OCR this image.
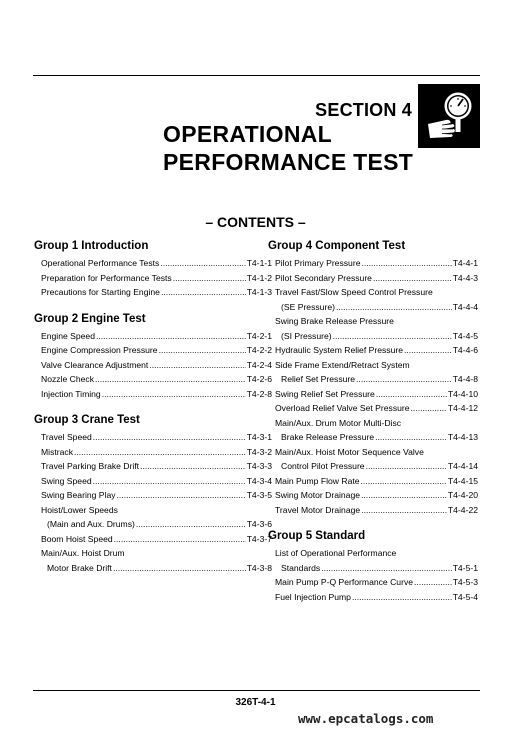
SECTION 4
OPERATIONAL
PERFORMANCE TEST
– CONTENTS –
Group 1 Introduction
Operational Performance Tests .....	T4-1-1
Preparation for Performance Tests .....	T4-1-2
Precautions for Starting Engine .....	T4-1-3
Group 2 Engine Test
Engine Speed .....	T4-2-1
Engine Compression Pressure .....	T4-2-2
Valve Clearance Adjustment .....	T4-2-4
Nozzle Check .....	T4-2-6
Injection Timing .....	T4-2-8
Group 3 Crane Test
Travel Speed .....	T4-3-1
Mistrack .....	T4-3-2
Travel Parking Brake Drift .....	T4-3-3
Swing Speed .....	T4-3-4
Swing Bearing Play .....	T4-3-5
Hoist/Lower Speeds
(Main and Aux. Drums) .....	T4-3-6
Boom Hoist Speed .....	T4-3-7
Main/Aux. Hoist Drum
Motor Brake Drift .....	T4-3-8
Group 4 Component Test
Pilot Primary Pressure .....	T4-4-1
Pilot Secondary Pressure .....	T4-4-3
Travel Fast/Slow Speed Control Pressure
(SE Pressure) .....	T4-4-4
Swing Brake Release Pressure
(SI Pressure) .....	T4-4-5
Hydraulic System Relief Pressure .....	T4-4-6
Side Frame Extend/Retract System
Relief Set Pressure .....	T4-4-8
Swing Relief Set Pressure .....	T4-4-10
Overload Relief Valve Set Pressure .....	T4-4-12
Main/Aux. Drum Motor Multi-Disc
Brake Release Pressure .....	T4-4-13
Main/Aux. Hoist Motor Sequence Valve
Control Pilot Pressure .....	T4-4-14
Main Pump Flow Rate .....	T4-4-15
Swing Motor Drainage .....	T4-4-20
Travel Motor Drainage .....	T4-4-22
Group 5 Standard
List of Operational Performance
Standards .....	T4-5-1
Main Pump P-Q Performance Curve .....	T4-5-3
Fuel Injection Pump .....	T4-5-4
326T-4-1
www.epcatalogs.com
